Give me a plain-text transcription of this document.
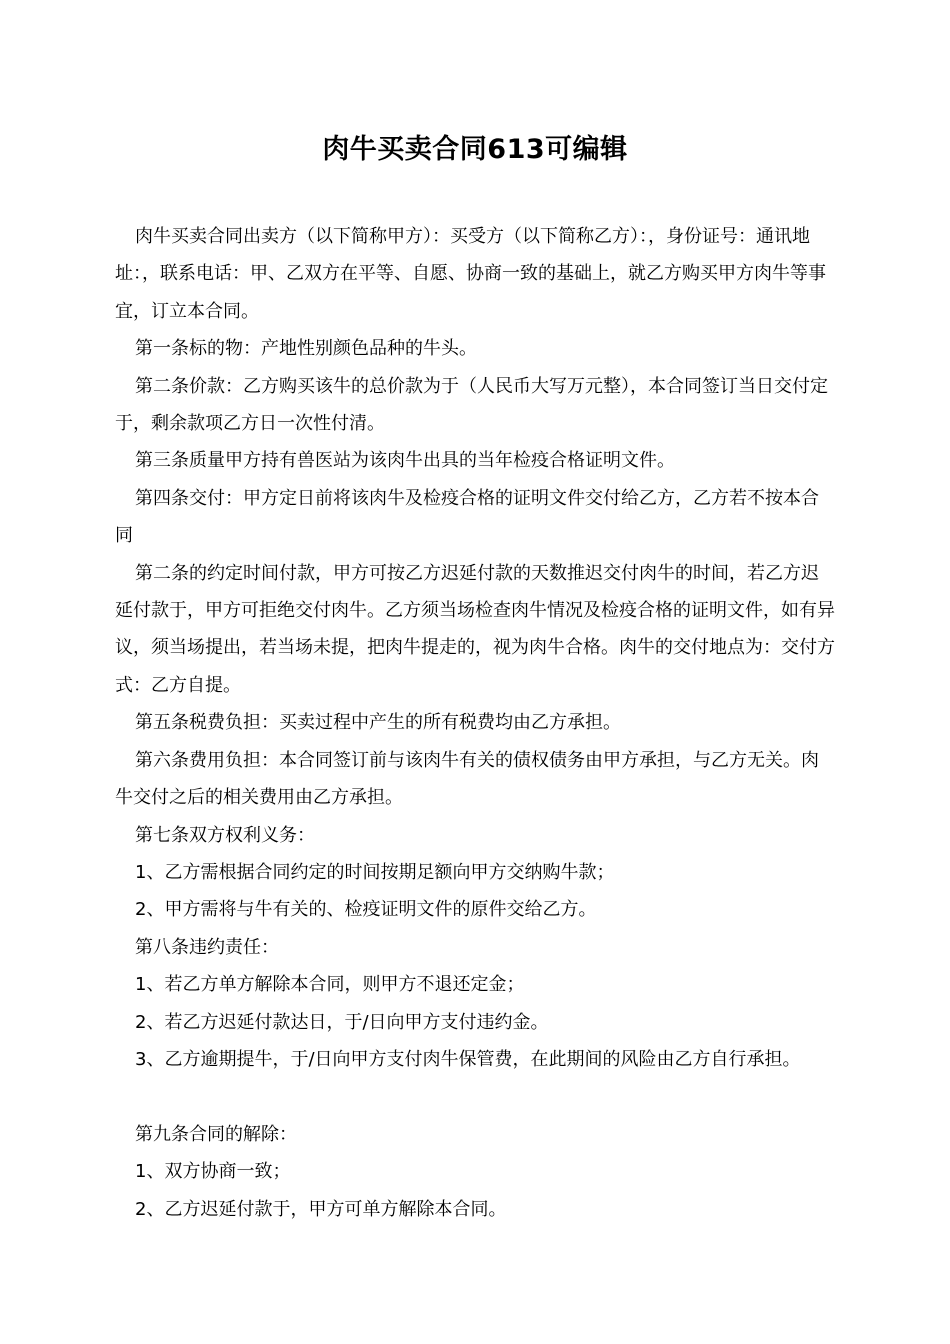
肉牛买卖合同613可编辑

肉牛买卖合同出卖方（以下简称甲方）：买受方（以下简称乙方）：，身份证号：通讯地址：，联系电话：甲、乙双方在平等、自愿、协商一致的基础上，就乙方购买甲方肉牛等事宜，订立本合同。

第一条标的物：产地性别颜色品种的牛头。

第二条价款：乙方购买该牛的总价款为于（人民币大写万元整），本合同签订当日交付定于，剩余款项乙方日一次性付清。

第三条质量甲方持有兽医站为该肉牛出具的当年检疫合格证明文件。

第四条交付：甲方定日前将该肉牛及检疫合格的证明文件交付给乙方，乙方若不按本合同

第二条的约定时间付款，甲方可按乙方迟延付款的天数推迟交付肉牛的时间，若乙方迟延付款于，甲方可拒绝交付肉牛。乙方须当场检查肉牛情况及检疫合格的证明文件，如有异议，须当场提出，若当场未提，把肉牛提走的，视为肉牛合格。肉牛的交付地点为：交付方式：乙方自提。

第五条税费负担：买卖过程中产生的所有税费均由乙方承担。

第六条费用负担：本合同签订前与该肉牛有关的债权债务由甲方承担，与乙方无关。肉牛交付之后的相关费用由乙方承担。

第七条双方权利义务：

1、乙方需根据合同约定的时间按期足额向甲方交纳购牛款；

2、甲方需将与牛有关的、检疫证明文件的原件交给乙方。

第八条违约责任：

1、若乙方单方解除本合同，则甲方不退还定金；

2、若乙方迟延付款达日，于/日向甲方支付违约金。

3、乙方逾期提牛，于/日向甲方支付肉牛保管费，在此期间的风险由乙方自行承担。

第九条合同的解除：

1、双方协商一致；

2、乙方迟延付款于，甲方可单方解除本合同。
